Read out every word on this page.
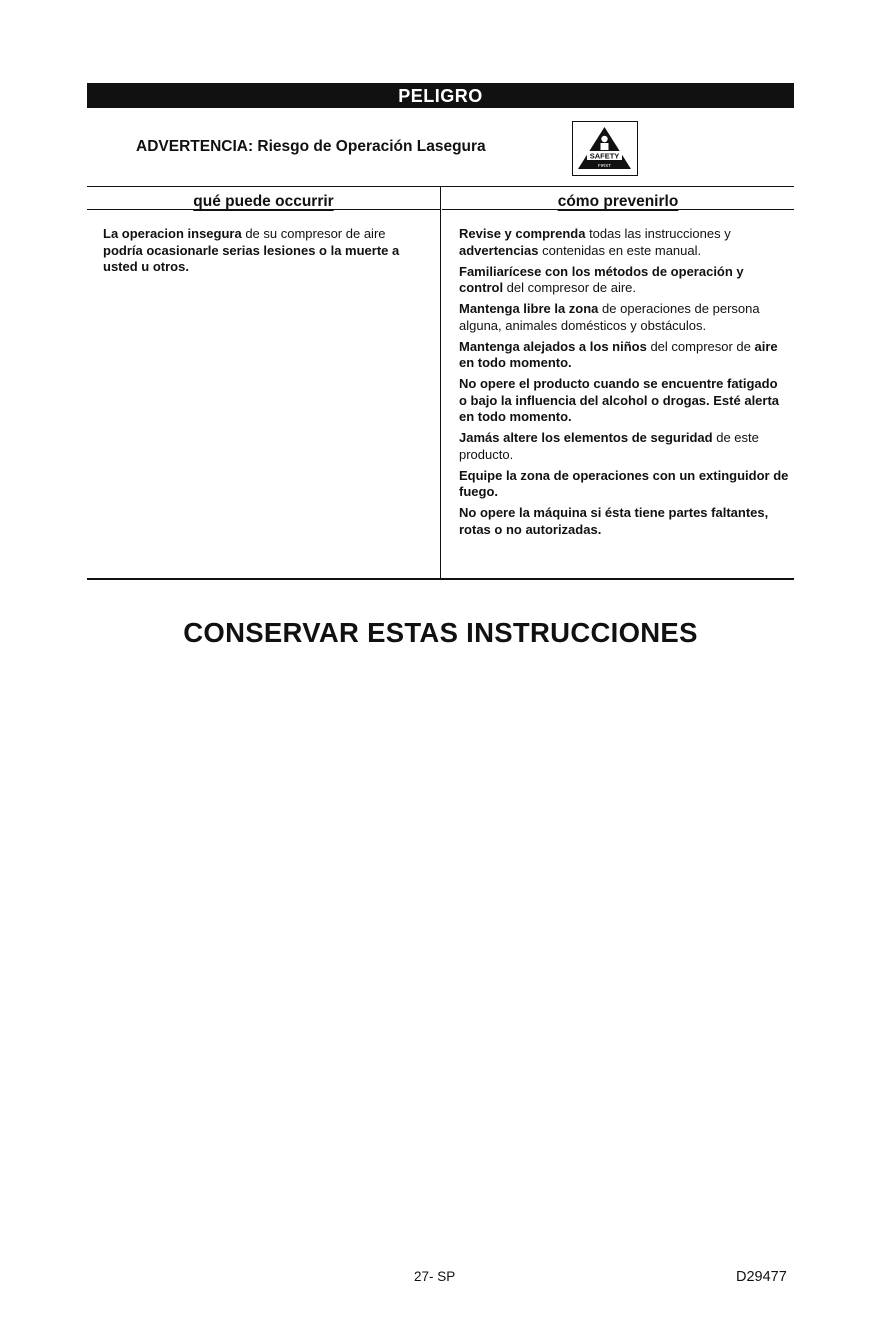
PELIGRO
ADVERTENCIA: Riesgo de Operación Lasegura
SAFETY
FIRST
qué puede occurrir	cómo prevenirlo
La operacion insegura de su compresor de aire podría ocasionarle serias lesiones o la muerte a usted u otros.

Revise y comprenda todas las instrucciones y advertencias contenidas en este manual.

Familiarícese con los métodos de operación y control del compresor de aire.

Mantenga libre la zona de operaciones de persona alguna, animales domésticos y obstáculos.

Mantenga alejados a los niños del compresor de aire en todo momento.

No opere el producto cuando se encuentre fatigado o bajo la influencia del alcohol o drogas. Esté alerta en todo momento.

Jamás altere los elementos de seguridad de este producto.

Equipe la zona de operaciones con un extinguidor de fuego.

No opere la máquina si ésta tiene partes faltantes, rotas o no autorizadas.

CONSERVAR ESTAS INSTRUCCIONES
27- SP	D29477
